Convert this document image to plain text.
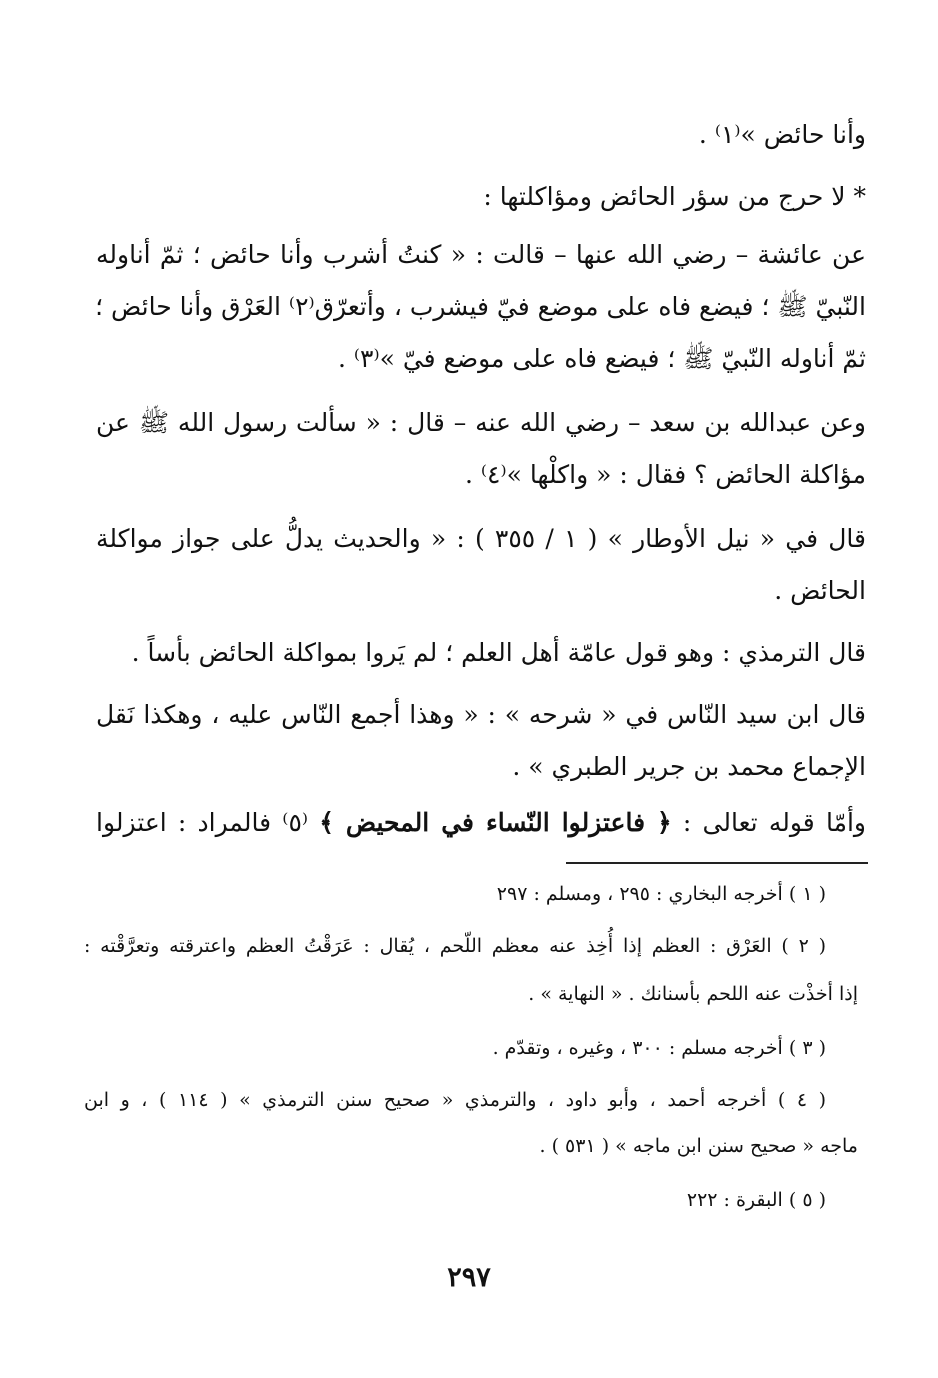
وأنا حائض »⁽١⁾ .
* لا حرج من سؤر الحائض ومؤاكلتها :
عن عائشة – رضي الله عنها – قالت : « كنتُ أشرب وأنا حائض ؛ ثمّ أناوله
النّبيّ ﷺ ؛ فيضع فاه على موضع فيّ فيشرب ، وأتعرّق⁽٢⁾ العَرْق وأنا حائض ؛
ثمّ أناوله النّبيّ ﷺ ؛ فيضع فاه على موضع فيّ »⁽٣⁾ .
وعن عبدالله بن سعد – رضي الله عنه – قال : « سألت رسول الله ﷺ عن
مؤاكلة الحائض ؟ فقال : « واكلْها »⁽٤⁾ .
قال في « نيل الأوطار » ( ١ / ٣٥٥ ) : « والحديث يدلُّ على جواز مواكلة
الحائض .
قال الترمذي : وهو قول عامّة أهل العلم ؛ لم يَروا بمواكلة الحائض بأساً .
قال ابن سيد النّاس في « شرحه » : « وهذا أجمع النّاس عليه ، وهكذا نَقل
الإجماع محمد بن جرير الطبري » .
وأمّا قوله تعالى : ﴿ فاعتزلوا النّساء في المحيض ﴾ ⁽٥⁾ فالمراد : اعتزلوا
( ١ ) أخرجه البخاري : ٢٩٥ ، ومسلم : ٢٩٧
( ٢ ) العَرْق : العظم إذا أُخِذ عنه معظم اللّحم ، يُقال : عَرَقْتُ العظم واعترقته وتعرَّقْته :
إذا أخذْت عنه اللحم بأسنانك . « النهاية » .
( ٣ ) أخرجه مسلم : ٣٠٠ ، وغيره ، وتقدّم .
( ٤ ) أخرجه أحمد ، وأبو داود ، والترمذي « صحيح سنن الترمذي » ( ١١٤ ) ، و ابن
ماجه « صحيح سنن ابن ماجه » ( ٥٣١ ) .
( ٥ ) البقرة : ٢٢٢
٢٩٧
